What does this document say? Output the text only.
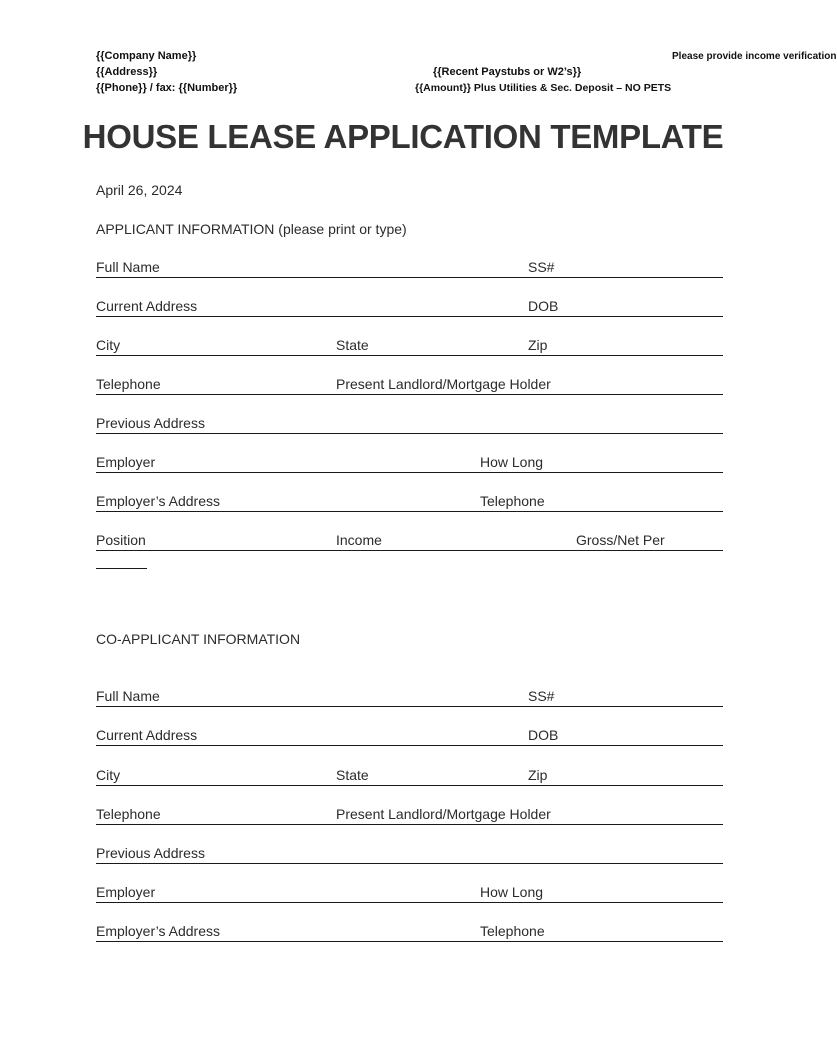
{{Company Name}}
{{Address}}
{{Phone}} / fax: {{Number}}
Please provide income verification
{{Recent Paystubs or W2’s}}
{{Amount}} Plus Utilities & Sec. Deposit – NO PETS
HOUSE LEASE APPLICATION TEMPLATE
April 26, 2024
APPLICANT INFORMATION (please print or type)
Full Name	SS#
Current Address	DOB
City	State	Zip
Telephone	Present Landlord/Mortgage Holder
Previous Address
Employer	How Long
Employer’s Address	Telephone
Position	Income	Gross/Net Per
CO-APPLICANT INFORMATION
Full Name	SS#
Current Address	DOB
City	State	Zip
Telephone	Present Landlord/Mortgage Holder
Previous Address
Employer	How Long
Employer’s Address	Telephone
